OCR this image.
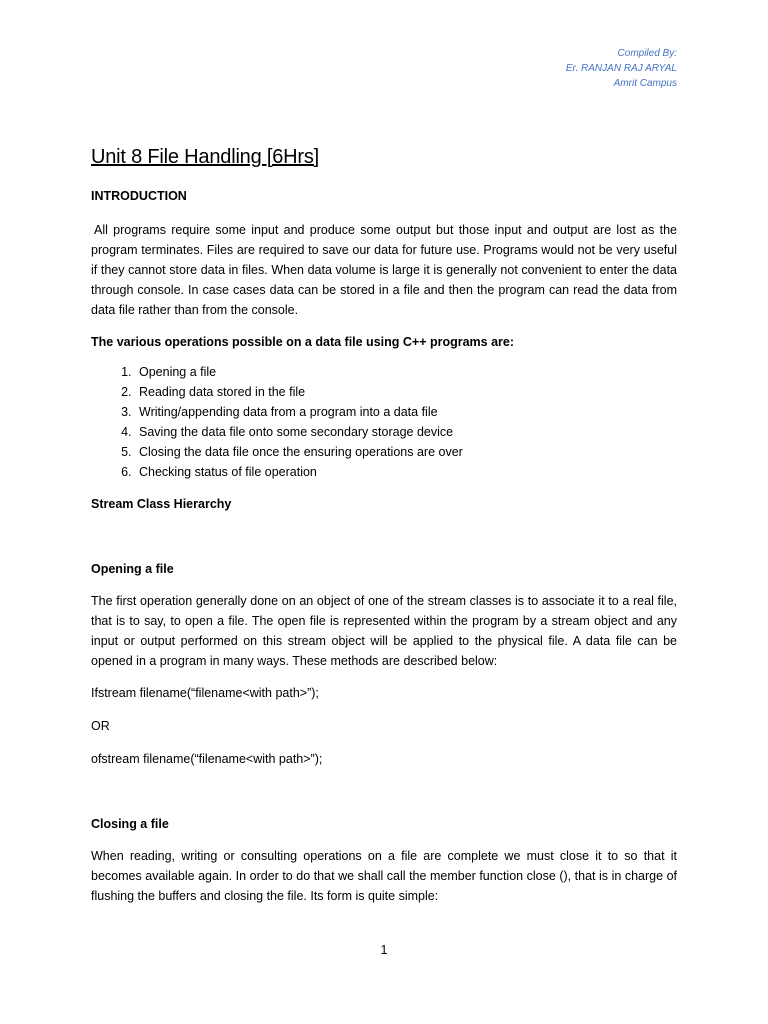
Compiled By:
Er. RANJAN RAJ ARYAL
Amrit Campus
Unit 8 File Handling [6Hrs]

INTRODUCTION

All programs require some input and produce some output but those input and output are lost as the program terminates. Files are required to save our data for future use. Programs would not be very useful if they cannot store data in files. When data volume is large it is generally not convenient to enter the data through console. In case cases data can be stored in a file and then the program can read the data from data file rather than from the console.

The various operations possible on a data file using C++ programs are:

1. Opening a file
2. Reading data stored in the file
3. Writing/appending data from a program into a data file
4. Saving the data file onto some secondary storage device
5. Closing the data file once the ensuring operations are over
6. Checking status of file operation

Stream Class Hierarchy

Opening a file

The first operation generally done on an object of one of the stream classes is to associate it to a real file, that is to say, to open a file. The open file is represented within the program by a stream object and any input or output performed on this stream object will be applied to the physical file. A data file can be opened in a program in many ways. These methods are described below:

Ifstream filename(“filename<with path>”);

OR

ofstream filename(“filename<with path>”);

Closing a file

When reading, writing or consulting operations on a file are complete we must close it to so that it becomes available again. In order to do that we shall call the member function close (), that is in charge of flushing the buffers and closing the file. Its form is quite simple:

1
